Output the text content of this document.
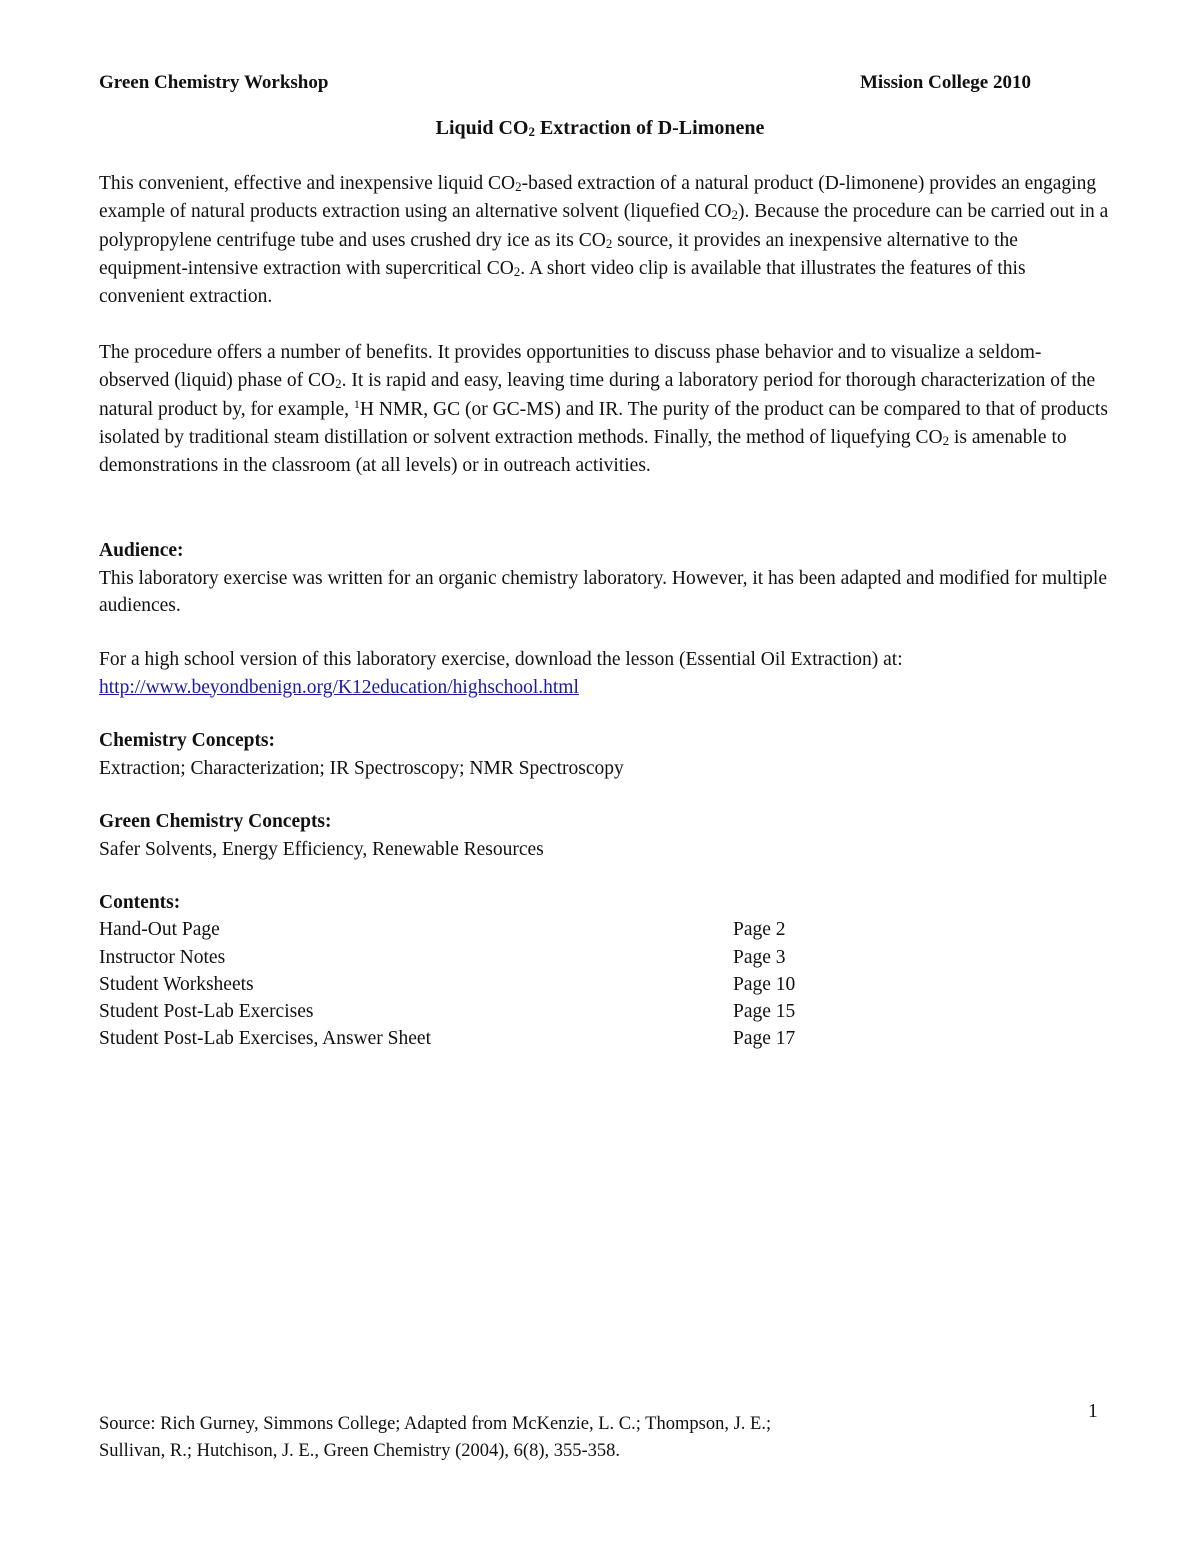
Green Chemistry Workshop	Mission College 2010
Liquid $CO_2$ Extraction of D-Limonene
This convenient, effective and inexpensive liquid $CO_2$-based extraction of a natural product (D-limonene) provides an engaging example of natural products extraction using an alternative solvent (liquefied $CO_2$). Because the procedure can be carried out in a polypropylene centrifuge tube and uses crushed dry ice as its $CO_2$ source, it provides an inexpensive alternative to the equipment-intensive extraction with supercritical $CO_2$. A short video clip is available that illustrates the features of this convenient extraction.
The procedure offers a number of benefits. It provides opportunities to discuss phase behavior and to visualize a seldom-observed (liquid) phase of $CO_2$. It is rapid and easy, leaving time during a laboratory period for thorough characterization of the natural product by, for example, $^1$H NMR, GC (or GC-MS) and IR. The purity of the product can be compared to that of products isolated by traditional steam distillation or solvent extraction methods. Finally, the method of liquefying $CO_2$ is amenable to demonstrations in the classroom (at all levels) or in outreach activities.
Audience:

This laboratory exercise was written for an organic chemistry laboratory. However, it has been adapted and modified for multiple audiences.

For a high school version of this laboratory exercise, download the lesson (Essential Oil Extraction) at:

http://www.beyondbenign.org/K12education/highschool.html

Chemistry Concepts:

Extraction; Characterization; IR Spectroscopy; NMR Spectroscopy

Green Chemistry Concepts:

Safer Solvents, Energy Efficiency, Renewable Resources

Contents:
Hand-Out Page	Page 2
Instructor Notes	Page 3
Student Worksheets	Page 10
Student Post-Lab Exercises	Page 15
Student Post-Lab Exercises, Answer Sheet	Page 17
1
Source: Rich Gurney, Simmons College; Adapted from McKenzie, L. C.; Thompson, J. E.;
Sullivan, R.; Hutchison, J. E., Green Chemistry (2004), 6(8), 355-358.
